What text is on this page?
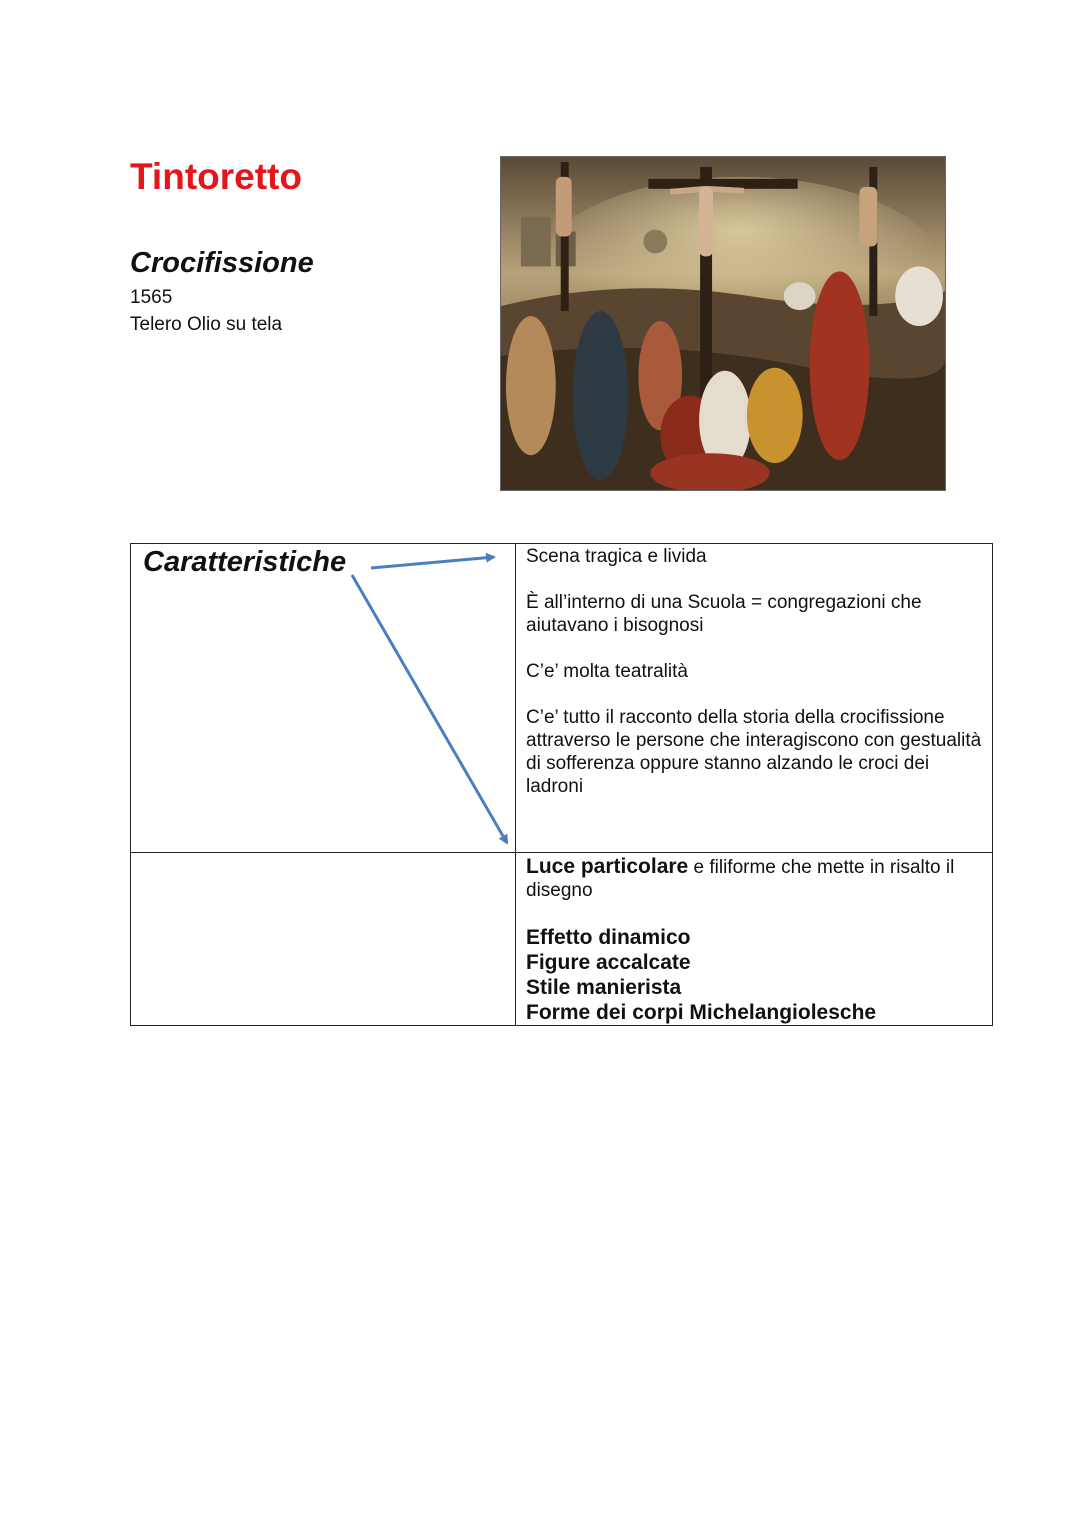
Tintoretto
Crocifissione
1565
Telero Olio su tela
Caratteristiche	Scena tragica e livida

È all’interno di una Scuola = congregazioni che aiutavano i bisognosi

C’e’ molta teatralità

C’e’ tutto il racconto della storia della crocifissione attraverso le persone che interagiscono con gestualità di sofferenza oppure stanno alzando le croci dei ladroni

	Luce particolare e filiforme che mette in risalto il disegno

Effetto dinamico
Figure accalcate
Stile manierista
Forme dei corpi Michelangiolesche
